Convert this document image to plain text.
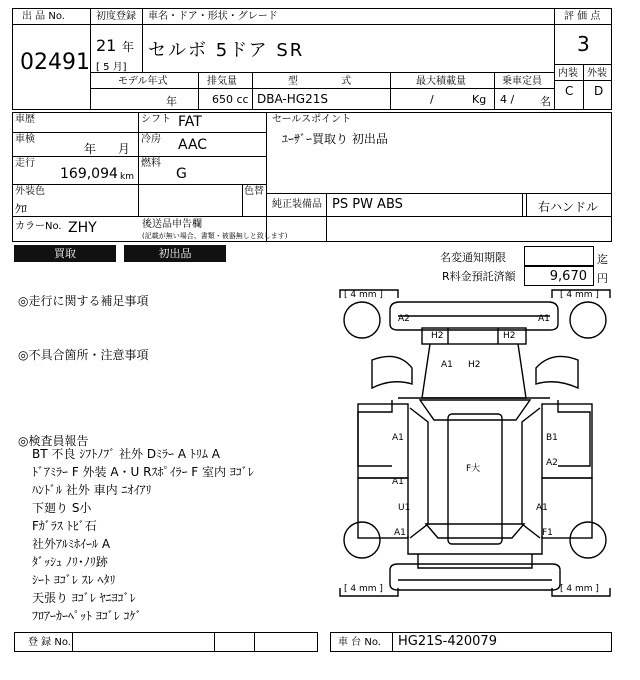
出 品 No.
02491
初度登録 車名・ドア・形状・グレード
21 年
[ 5 月]
セルボ 5ドア SR
評 価 点
3
内装 外装
C D
モデル年式	排気量	型 式	最大積載量	乗車定員
年	650 cc DBA-HG21S	/	Kg 4 / 名
車歴	シフト FAT
車検
年 月
冷房 AAC
走行
169,094 km
燃料
G
外装色
ｸﾛ
色替
セールスポイント
ﾕｰｻﾞｰ買取り 初出品
純正装備品 PS PW ABS	右ハンドル
カラーNo. ZHY	後送品申告欄
(記載が無い場合、書類・被器無しと致します)
買取	初出品	名変通知期限	迄
R料金預託済額	9,670 円
◎走行に関する補足事項
◎不具合箇所・注意事項
◎検査員報告
BT 不良 ｼﾌﾄﾉﾌﾞ 社外 Dﾐﾗｰ A ﾄﾘﾑ A
ﾄﾞｱﾐﾗｰ F 外装 A・U Rｽﾎﾟｲﾗｰ F 室内 ﾖｺﾞﾚ
ﾊﾝﾄﾞﾙ 社外 車内 ﾆｵｲｱﾘ
下廻り S小
Fｶﾞﾗｽ ﾄﾋﾞ石
社外ｱﾙﾐﾎｲｰﾙ A
ﾀﾞｯｼｭ ﾉﾘ･ﾉﾘ跡
ｼｰﾄ ﾖｺﾞﾚ ｽﾚ ﾍﾀﾘ
天張り ﾖｺﾞﾚ ﾔﾆﾖｺﾞﾚ
ﾌﾛｱｰｶｰﾍﾟｯﾄ ﾖｺﾞﾚ ｺｹﾞ
[ 4 mm ]	[ 4 mm ]
[ 4 mm ]	[ 4 mm ]
A2	A1
H2	H2
A1 H2
A1	B1
A1
A2
F大
U1	A1
A1	F1
登 録 No.	車 台 No. HG21S-420079
